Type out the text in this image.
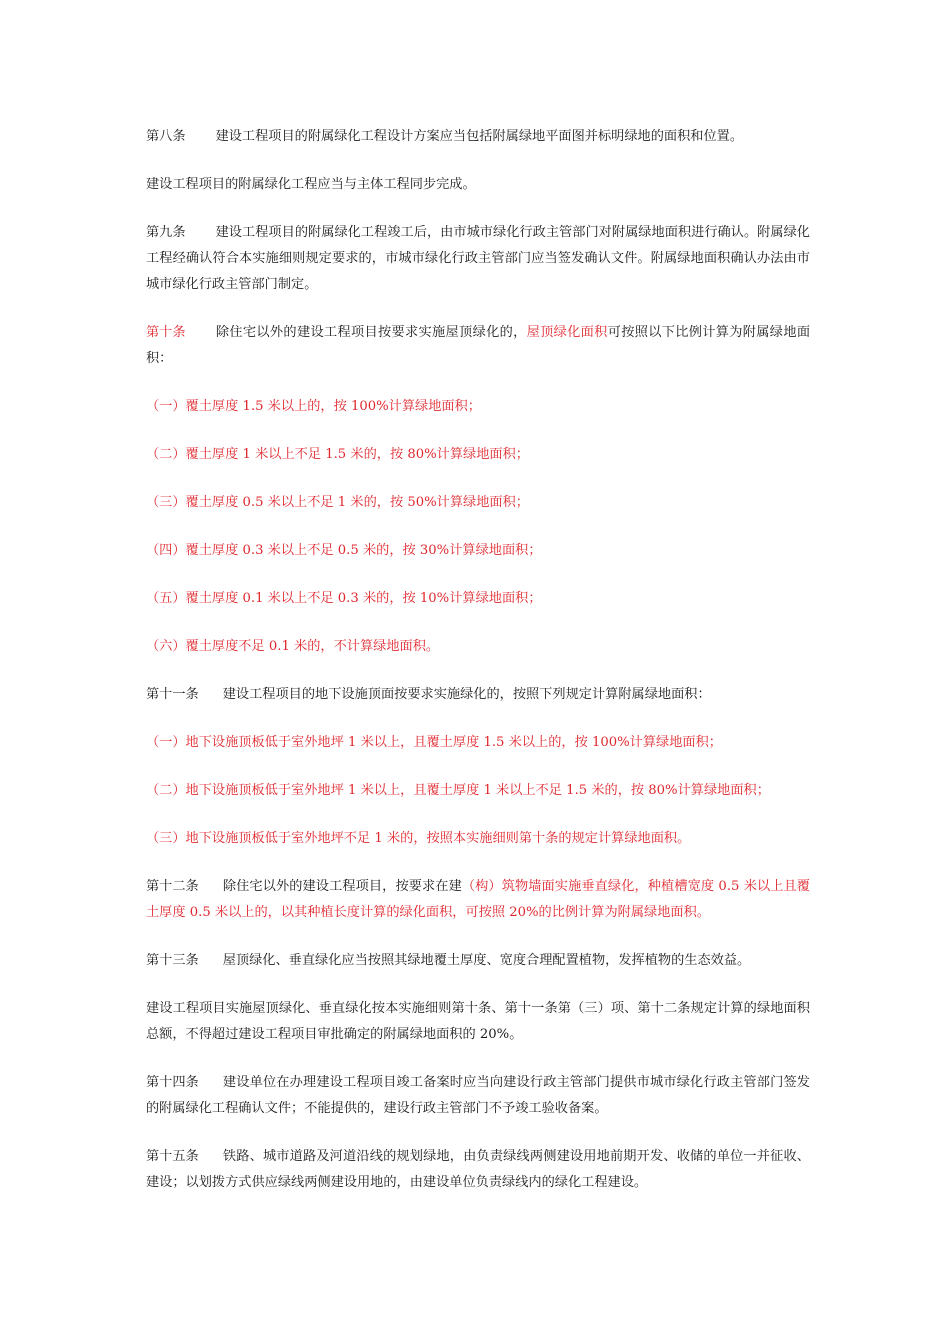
第八条 建设工程项目的附属绿化工程设计方案应当包括附属绿地平面图并标明绿地的面积和位置。

建设工程项目的附属绿化工程应当与主体工程同步完成。

第九条 建设工程项目的附属绿化工程竣工后，由市城市绿化行政主管部门对附属绿地面积进行确认。附属绿化工程经确认符合本实施细则规定要求的，市城市绿化行政主管部门应当签发确认文件。附属绿地面积确认办法由市城市绿化行政主管部门制定。

第十条 除住宅以外的建设工程项目按要求实施屋顶绿化的，屋顶绿化面积可按照以下比例计算为附属绿地面积：

（一）覆土厚度 1.5 米以上的，按 100%计算绿地面积；

（二）覆土厚度 1 米以上不足 1.5 米的，按 80%计算绿地面积；

（三）覆土厚度 0.5 米以上不足 1 米的，按 50%计算绿地面积；

（四）覆土厚度 0.3 米以上不足 0.5 米的，按 30%计算绿地面积；

（五）覆土厚度 0.1 米以上不足 0.3 米的，按 10%计算绿地面积；

（六）覆土厚度不足 0.1 米的，不计算绿地面积。

第十一条 建设工程项目的地下设施顶面按要求实施绿化的，按照下列规定计算附属绿地面积：

（一）地下设施顶板低于室外地坪 1 米以上，且覆土厚度 1.5 米以上的，按 100%计算绿地面积；

（二）地下设施顶板低于室外地坪 1 米以上，且覆土厚度 1 米以上不足 1.5 米的，按 80%计算绿地面积；

（三）地下设施顶板低于室外地坪不足 1 米的，按照本实施细则第十条的规定计算绿地面积。

第十二条 除住宅以外的建设工程项目，按要求在建（构）筑物墙面实施垂直绿化，种植槽宽度 0.5 米以上且覆土厚度 0.5 米以上的，以其种植长度计算的绿化面积，可按照 20%的比例计算为附属绿地面积。

第十三条 屋顶绿化、垂直绿化应当按照其绿地覆土厚度、宽度合理配置植物，发挥植物的生态效益。

建设工程项目实施屋顶绿化、垂直绿化按本实施细则第十条、第十一条第（三）项、第十二条规定计算的绿地面积总额，不得超过建设工程项目审批确定的附属绿地面积的 20%。

第十四条 建设单位在办理建设工程项目竣工备案时应当向建设行政主管部门提供市城市绿化行政主管部门签发的附属绿化工程确认文件；不能提供的，建设行政主管部门不予竣工验收备案。

第十五条 铁路、城市道路及河道沿线的规划绿地，由负责绿线两侧建设用地前期开发、收储的单位一并征收、建设；以划拨方式供应绿线两侧建设用地的，由建设单位负责绿线内的绿化工程建设。
